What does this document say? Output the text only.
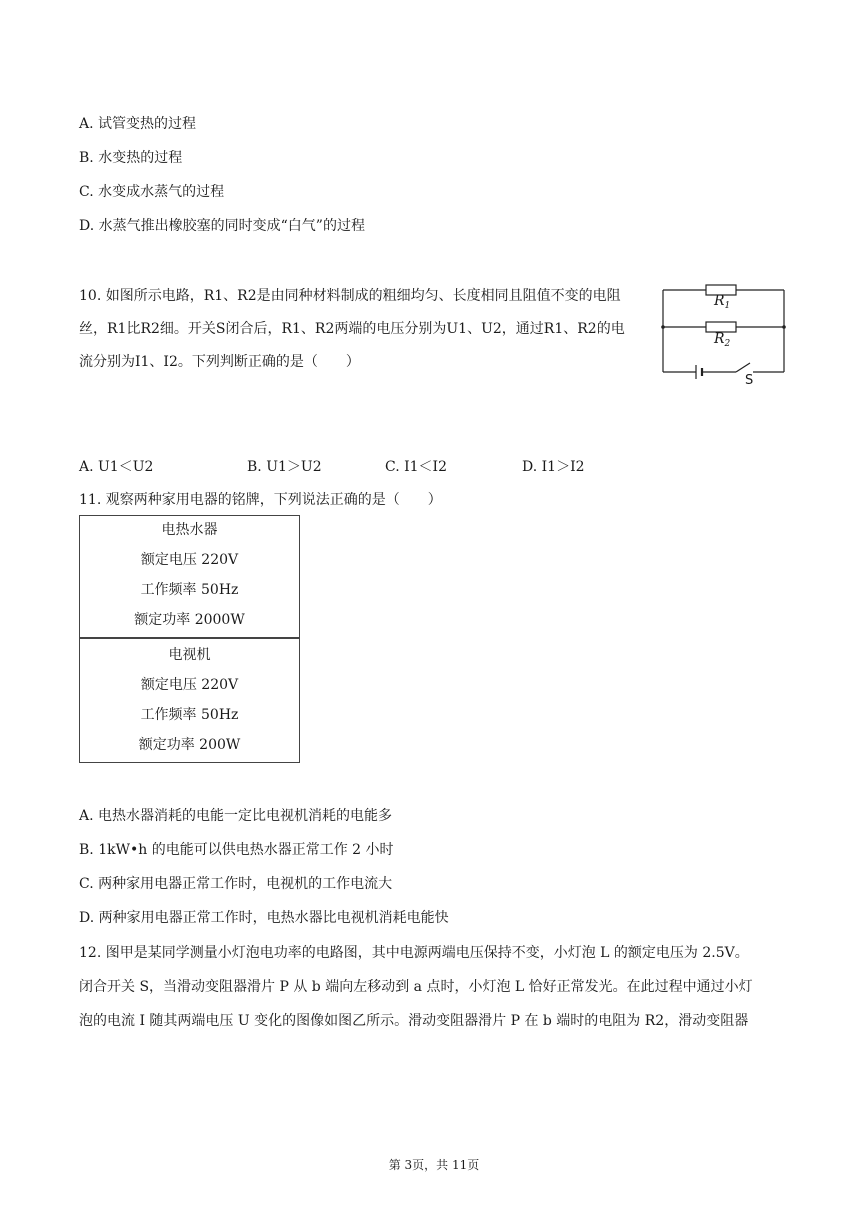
A. 试管变热的过程
B. 水变热的过程
C. 水变成水蒸气的过程
D. 水蒸气推出橡胶塞的同时变成“白气”的过程
10. 如图所示电路，R1、R2是由同种材料制成的粗细均匀、长度相同且阻值不变的电阻
丝，R1比R2细。开关S闭合后，R1、R2两端的电压分别为U1、U2，通过R1、R2的电
流分别为I1、I2。下列判断正确的是（　　）
$R_1$
$R_2$
S
A. U1＜U2	B. U1＞U2	C. I1＜I2	D. I1＞I2
11. 观察两种家用电器的铭牌，下列说法正确的是（　　）
电热水器
额定电压 220V
工作频率 50Hz
额定功率 2000W
电视机
额定电压 220V
工作频率 50Hz
额定功率 200W
A. 电热水器消耗的电能一定比电视机消耗的电能多
B. 1kW•h 的电能可以供电热水器正常工作 2 小时
C. 两种家用电器正常工作时，电视机的工作电流大
D. 两种家用电器正常工作时，电热水器比电视机消耗电能快
12. 图甲是某同学测量小灯泡电功率的电路图，其中电源两端电压保持不变，小灯泡 L 的额定电压为 2.5V。
闭合开关 S，当滑动变阻器滑片 P 从 b 端向左移动到 a 点时，小灯泡 L 恰好正常发光。在此过程中通过小灯
泡的电流 I 随其两端电压 U 变化的图像如图乙所示。滑动变阻器滑片 P 在 b 端时的电阻为 R2，滑动变阻器
第 3页，共 11页
